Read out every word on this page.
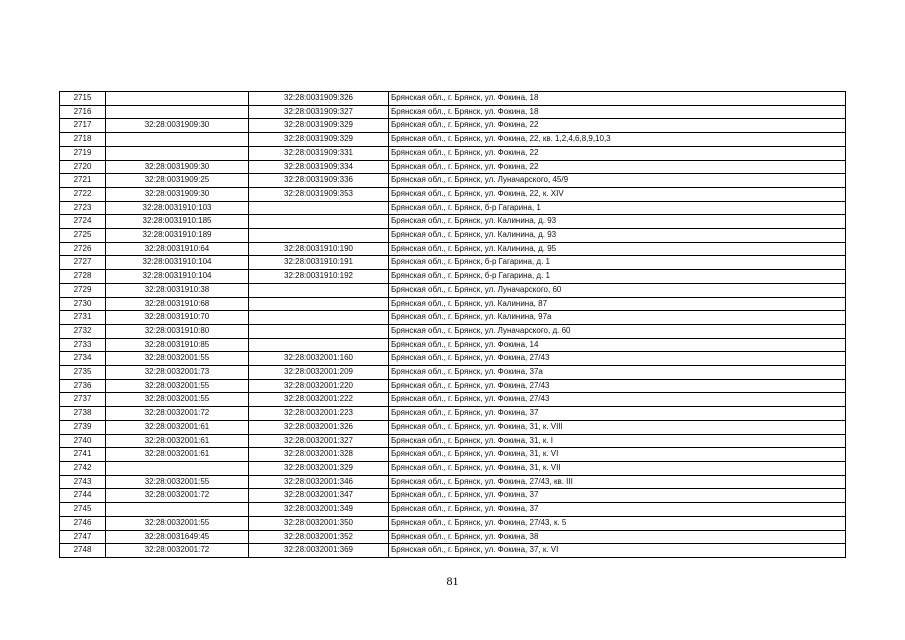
2715		32:28:0031909:326	Брянская обл., г. Брянск, ул. Фокина, 18
2716		32:28:0031909:327	Брянская обл., г. Брянск, ул. Фокина, 18
2717	32:28:0031909:30	32:28:0031909:329	Брянская обл., г. Брянск, ул. Фокина, 22
2718		32:28:0031909:329	Брянская обл., г. Брянск, ул. Фокина, 22, кв. 1,2,4,6,8,9,10,3
2719		32:28:0031909:331	Брянская обл., г. Брянск, ул. Фокина, 22
2720	32:28:0031909:30	32:28:0031909:334	Брянская обл., г. Брянск, ул. Фокина, 22
2721	32:28:0031909:25	32:28:0031909:336	Брянская обл., г. Брянск, ул. Луначарского, 45/9
2722	32:28:0031909:30	32:28:0031909:353	Брянская обл., г. Брянск, ул. Фокина, 22, к. XIV
2723	32:28:0031910:103		Брянская обл., г. Брянск, б-р Гагарина, 1
2724	32:28:0031910:185		Брянская обл., г. Брянск, ул. Калинина, д. 93
2725	32:28:0031910:189		Брянская обл., г. Брянск, ул. Калинина, д. 93
2726	32:28:0031910:64	32:28:0031910:190	Брянская обл., г. Брянск, ул. Калинина, д. 95
2727	32:28:0031910:104	32:28:0031910:191	Брянская обл., г. Брянск, б-р Гагарина, д. 1
2728	32:28:0031910:104	32:28:0031910:192	Брянская обл., г. Брянск, б-р Гагарина, д. 1
2729	32:28:0031910:38		Брянская обл., г. Брянск, ул. Луначарского, 60
2730	32:28:0031910:68		Брянская обл., г. Брянск, ул. Калинина, 87
2731	32:28:0031910:70		Брянская обл., г. Брянск, ул. Калинина, 97а
2732	32:28:0031910:80		Брянская обл., г. Брянск, ул. Луначарского, д. 60
2733	32:28:0031910:85		Брянская обл., г. Брянск, ул. Фокина, 14
2734	32:28:0032001:55	32:28:0032001:160	Брянская обл., г. Брянск, ул. Фокина, 27/43
2735	32:28:0032001:73	32:28:0032001:209	Брянская обл., г. Брянск, ул. Фокина, 37а
2736	32:28:0032001:55	32:28:0032001:220	Брянская обл., г. Брянск, ул. Фокина, 27/43
2737	32:28:0032001:55	32:28:0032001:222	Брянская обл., г. Брянск, ул. Фокина, 27/43
2738	32:28:0032001:72	32:28:0032001:223	Брянская обл., г. Брянск, ул. Фокина, 37
2739	32:28:0032001:61	32:28:0032001:326	Брянская обл., г. Брянск, ул. Фокина, 31, к. VIII
2740	32:28:0032001:61	32:28:0032001:327	Брянская обл., г. Брянск, ул. Фокина, 31, к. I
2741	32:28:0032001:61	32:28:0032001:328	Брянская обл., г. Брянск, ул. Фокина, 31, к. VI
2742		32:28:0032001:329	Брянская обл., г. Брянск, ул. Фокина, 31, к. VII
2743	32:28:0032001:55	32:28:0032001:346	Брянская обл., г. Брянск, ул. Фокина, 27/43, кв. III
2744	32:28:0032001:72	32:28:0032001:347	Брянская обл., г. Брянск, ул. Фокина, 37
2745		32:28:0032001:349	Брянская обл., г. Брянск, ул. Фокина, 37
2746	32:28:0032001:55	32:28:0032001:350	Брянская обл., г. Брянск, ул. Фокина, 27/43, к. 5
2747	32:28:0031649:45	32:28:0032001:352	Брянская обл., г. Брянск, ул. Фокина, 38
2748	32:28:0032001:72	32:28:0032001:369	Брянская обл., г. Брянск, ул. Фокина, 37, к. VI
81
